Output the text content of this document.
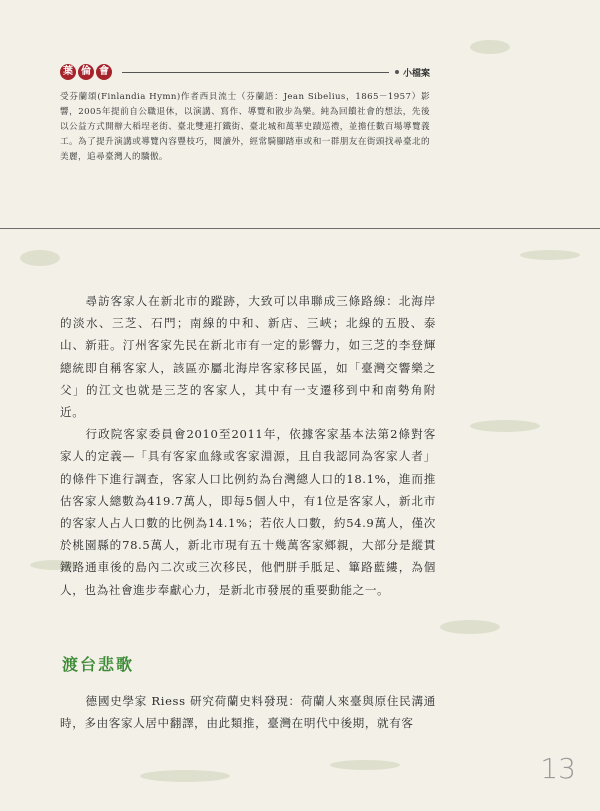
葉 倫 會	小檔案

受芬蘭頌(Finlandia Hymn)作者西貝流士（芬蘭語：Jean Sibelius，1865－1957）影響，2005年提前自公職退休，以演講、寫作、導覽和散步為樂。純為回饋社會的想法，先後以公益方式開辦大稻埕老街、臺北雙連打鐵街、臺北城和萬華史蹟巡禮，並擔任數百場導覽義工。為了提升演講或導覽內容豐枝巧，閱讀外，經常騎腳踏車或和一群朋友在街頭找尋臺北的美麗，追尋臺灣人的驕傲。

尋訪客家人在新北市的蹤跡，大致可以串聯成三條路線：北海岸的淡水、三芝、石門；南線的中和、新店、三峽；北線的五股、泰山、新莊。汀州客家先民在新北市有一定的影響力，如三芝的李登輝總統即自稱客家人，該區亦屬北海岸客家移民區，如「臺灣交響樂之父」的江文也就是三芝的客家人，其中有一支遷移到中和南勢角附近。

行政院客家委員會2010至2011年，依據客家基本法第2條對客家人的定義—「具有客家血緣或客家淵源，且自我認同為客家人者」的條件下進行調查，客家人口比例約為台灣總人口的18.1%，進而推估客家人總數為419.7萬人，即每5個人中，有1位是客家人，新北市的客家人占人口數的比例為14.1%；若依人口數，約54.9萬人，僅次於桃園縣的78.5萬人，新北市現有五十幾萬客家鄉親，大部分是縱貫鐵路通車後的島內二次或三次移民，他們胼手胝足、篳路藍縷，為個人，也為社會進步奉獻心力，是新北市發展的重要動能之一。

渡台悲歌

德國史學家 Riess 研究荷蘭史料發現：荷蘭人來臺與原住民溝通時，多由客家人居中翻譯，由此類推，臺灣在明代中後期，就有客

13
